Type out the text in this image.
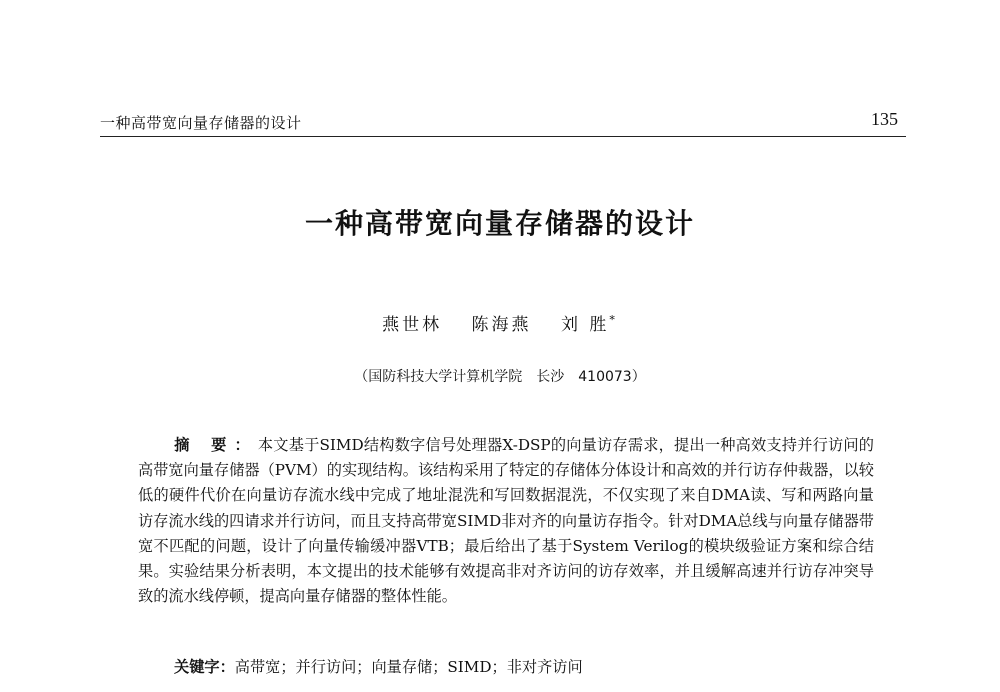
一种高带宽向量存储器的设计	135
一种高带宽向量存储器的设计
燕世林 陈海燕 刘 胜*
（国防科技大学计算机学院　长沙　410073）
摘 要：本文基于SIMD结构数字信号处理器X-DSP的向量访存需求，提出一种高效支持并行访问的高带宽向量存储器（PVM）的实现结构。该结构采用了特定的存储体分体设计和高效的并行访存仲裁器，以较低的硬件代价在向量访存流水线中完成了地址混洗和写回数据混洗，不仅实现了来自DMA读、写和两路向量访存流水线的四请求并行访问，而且支持高带宽SIMD非对齐的向量访存指令。针对DMA总线与向量存储器带宽不匹配的问题，设计了向量传输缓冲器VTB；最后给出了基于System Verilog的模块级验证方案和综合结果。实验结果分析表明，本文提出的技术能够有效提高非对齐访问的访存效率，并且缓解高速并行访存冲突导致的流水线停顿，提高向量存储器的整体性能。
关键字：高带宽；并行访问；向量存储；SIMD；非对齐访问
